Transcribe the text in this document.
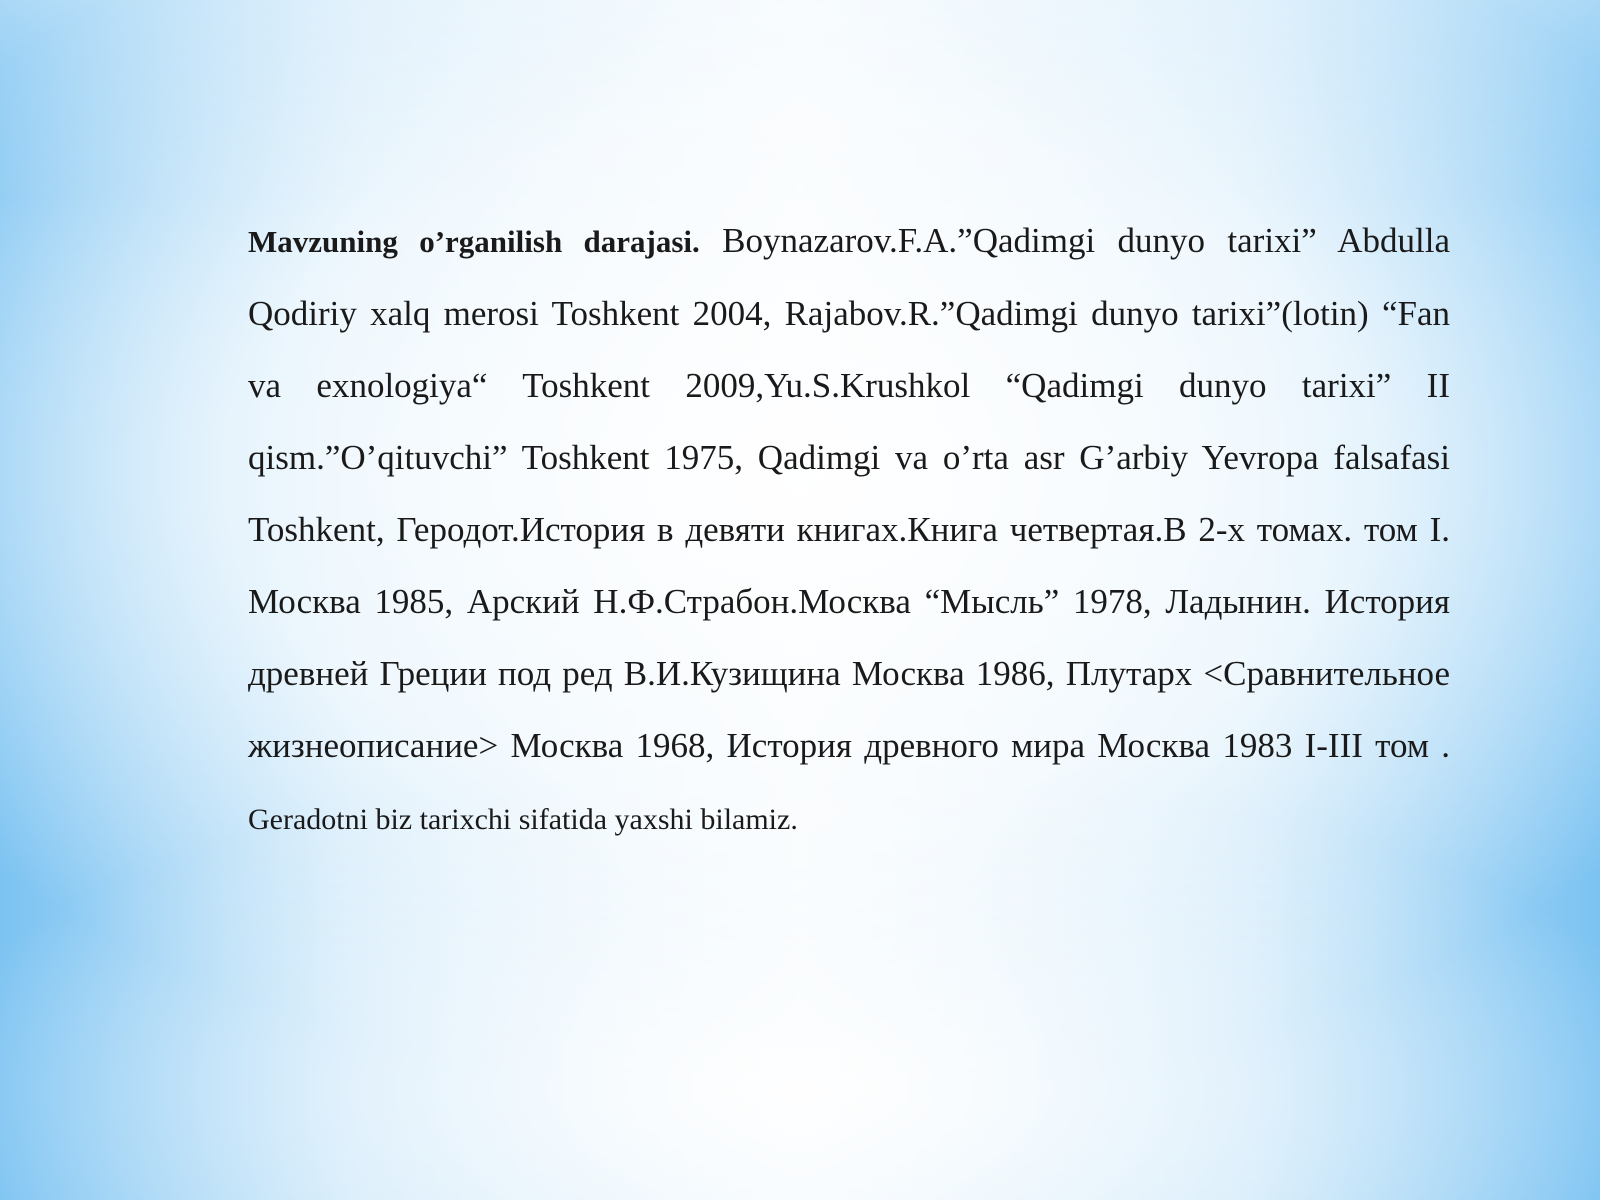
Mavzuning o’rganilish darajasi. Boynazarov.F.A.”Qadimgi dunyo tarixi” Abdulla Qodiriy xalq merosi Toshkent 2004, Rajabov.R.”Qadimgi dunyo tarixi”(lotin) “Fan va exnologiya“ Toshkent 2009,Yu.S.Krushkol “Qadimgi dunyo tarixi” II qism.”O’qituvchi” Toshkent 1975, Qadimgi va o’rta asr G’arbiy Yevropa falsafasi Toshkent, Геродот.История в девяти книгах.Книга четвертая.В 2-х томах. том I. Москва 1985, Арский Н.Ф.Страбон.Москва “Мысль” 1978, Ладынин. История древней Греции под ред В.И.Кузищина Москва 1986, Плутарх <Сравнительное жизнеописание> Москва 1968, История древного мира Москва 1983 I-III том . Geradotni biz tarixchi sifatida yaxshi bilamiz.
